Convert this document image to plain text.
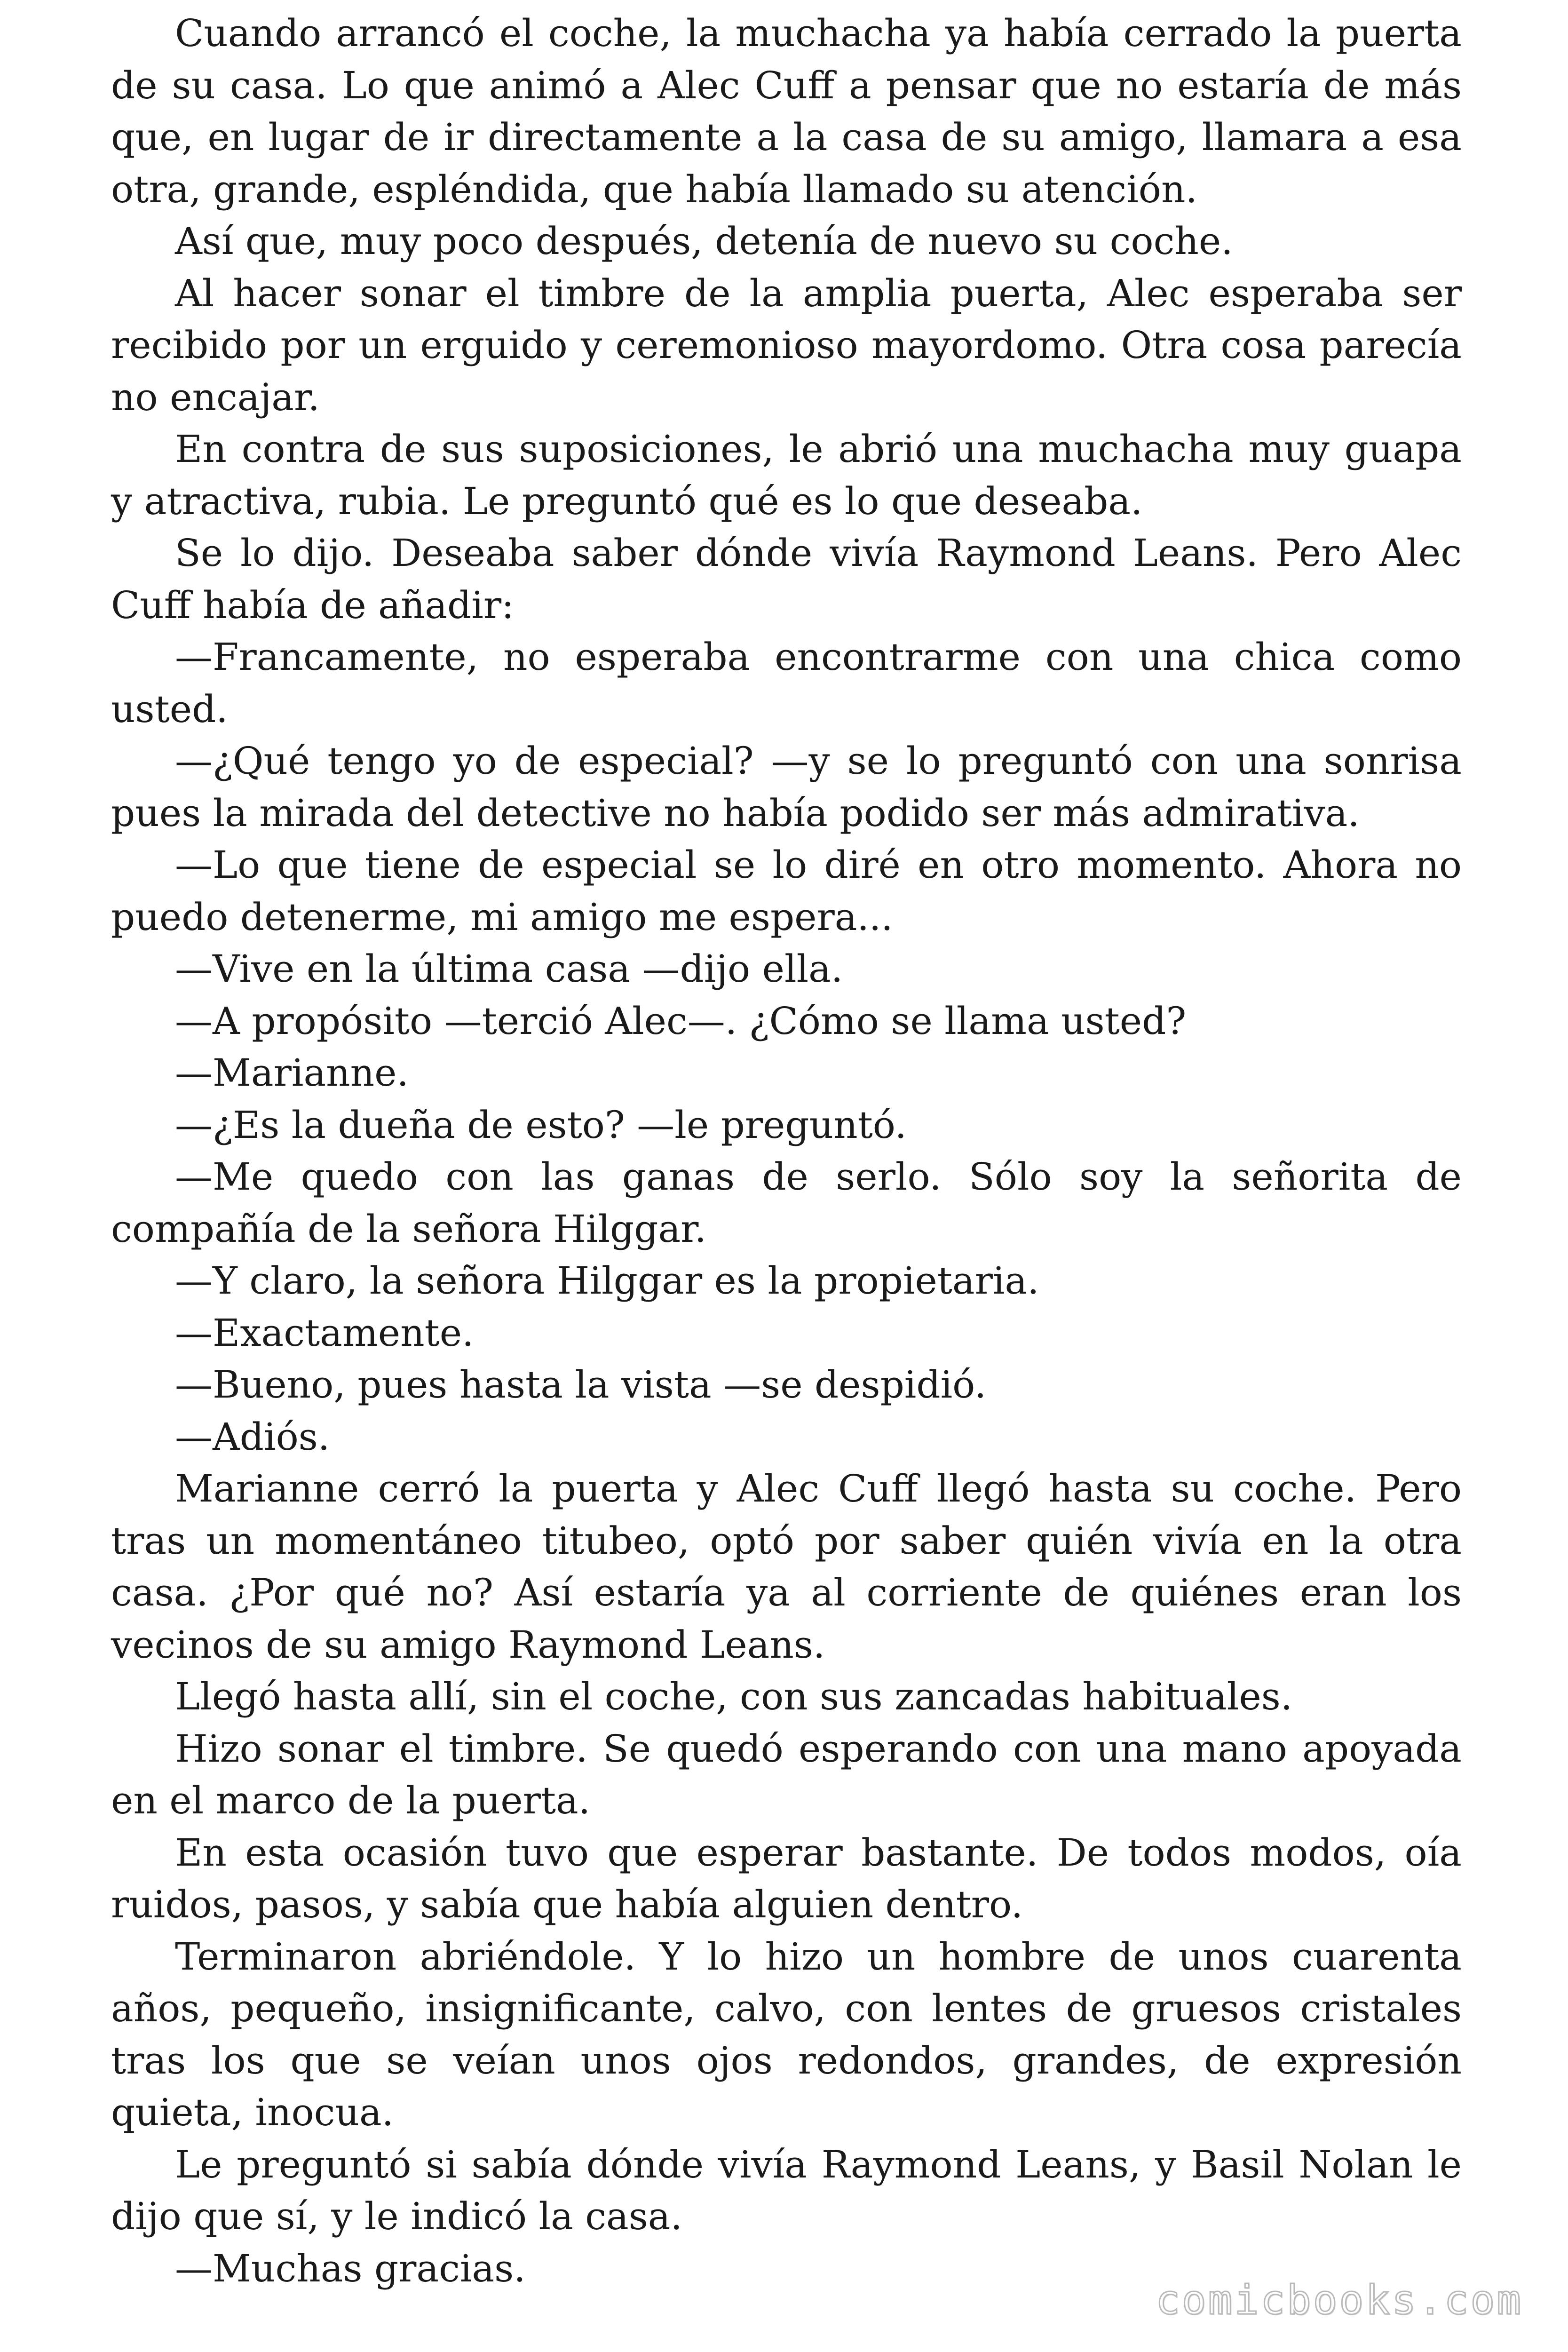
Cuando arrancó el coche, la muchacha ya había cerrado la puerta de su casa. Lo que animó a Alec Cuff a pensar que no estaría de más que, en lugar de ir directamente a la casa de su amigo, llamara a esa otra, grande, espléndida, que había llamado su atención.

Así que, muy poco después, detenía de nuevo su coche.

Al hacer sonar el timbre de la amplia puerta, Alec esperaba ser recibido por un erguido y ceremonioso mayordomo. Otra cosa parecía no encajar.

En contra de sus suposiciones, le abrió una muchacha muy guapa y atractiva, rubia. Le preguntó qué es lo que deseaba.

Se lo dijo. Deseaba saber dónde vivía Raymond Leans. Pero Alec Cuff había de añadir:

—Francamente, no esperaba encontrarme con una chica como usted.

—¿Qué tengo yo de especial? —y se lo preguntó con una sonrisa pues la mirada del detective no había podido ser más admirativa.

—Lo que tiene de especial se lo diré en otro momento. Ahora no puedo detenerme, mi amigo me espera...

—Vive en la última casa —dijo ella.

—A propósito —terció Alec—. ¿Cómo se llama usted?

—Marianne.

—¿Es la dueña de esto? —le preguntó.

—Me quedo con las ganas de serlo. Sólo soy la señorita de compañía de la señora Hilggar.

—Y claro, la señora Hilggar es la propietaria.

—Exactamente.

—Bueno, pues hasta la vista —se despidió.

—Adiós.

Marianne cerró la puerta y Alec Cuff llegó hasta su coche. Pero tras un momentáneo titubeo, optó por saber quién vivía en la otra casa. ¿Por qué no? Así estaría ya al corriente de quiénes eran los vecinos de su amigo Raymond Leans.

Llegó hasta allí, sin el coche, con sus zancadas habituales.

Hizo sonar el timbre. Se quedó esperando con una mano apoyada en el marco de la puerta.

En esta ocasión tuvo que esperar bastante. De todos modos, oía ruidos, pasos, y sabía que había alguien dentro.

Terminaron abriéndole. Y lo hizo un hombre de unos cuarenta años, pequeño, insignificante, calvo, con lentes de gruesos cristales tras los que se veían unos ojos redondos, grandes, de expresión quieta, inocua.

Le preguntó si sabía dónde vivía Raymond Leans, y Basil Nolan le dijo que sí, y le indicó la casa.

—Muchas gracias.

comicbooks.com
